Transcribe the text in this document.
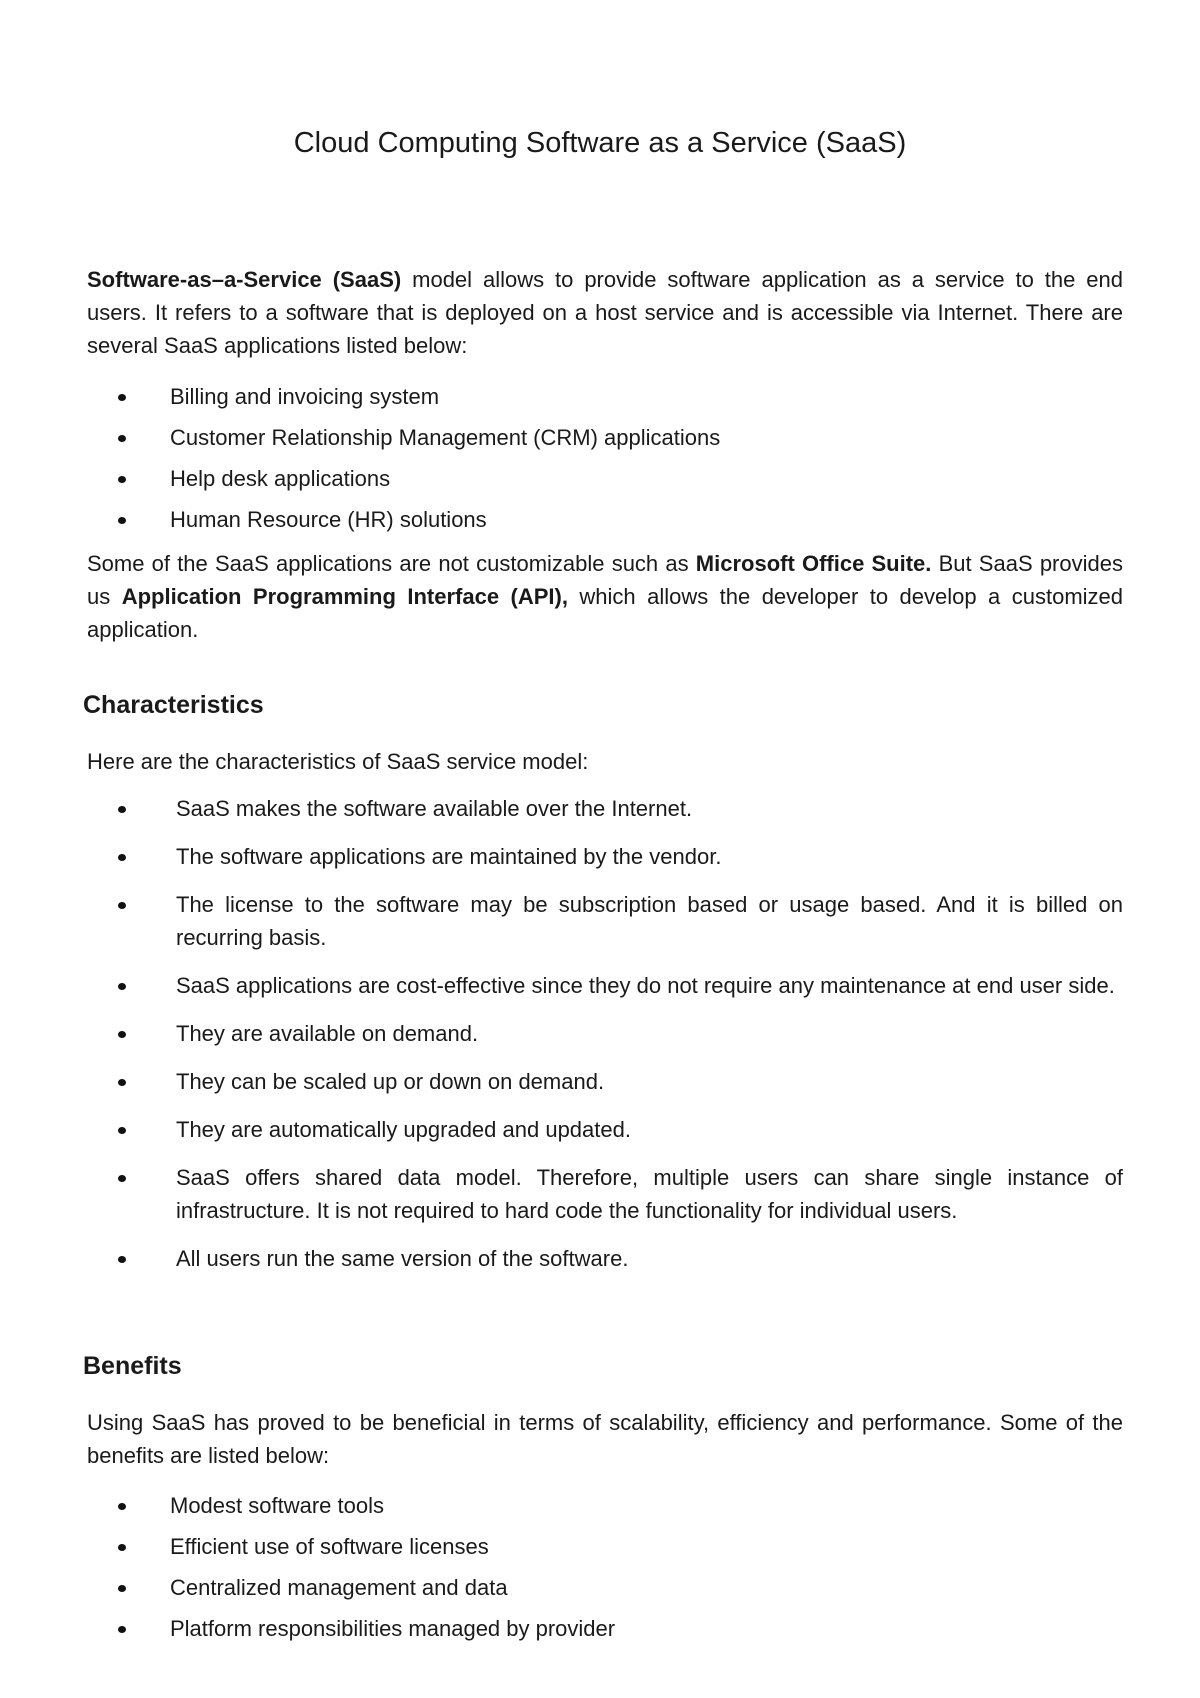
Cloud Computing Software as a Service (SaaS)

Software-as–a-Service (SaaS) model allows to provide software application as a service to the end users. It refers to a software that is deployed on a host service and is accessible via Internet. There are several SaaS applications listed below:

Billing and invoicing system
Customer Relationship Management (CRM) applications
Help desk applications
Human Resource (HR) solutions

Some of the SaaS applications are not customizable such as Microsoft Office Suite. But SaaS provides us Application Programming Interface (API), which allows the developer to develop a customized application.

Characteristics

Here are the characteristics of SaaS service model:

SaaS makes the software available over the Internet.
The software applications are maintained by the vendor.
The license to the software may be subscription based or usage based. And it is billed on recurring basis.
SaaS applications are cost-effective since they do not require any maintenance at end user side.
They are available on demand.
They can be scaled up or down on demand.
They are automatically upgraded and updated.
SaaS offers shared data model. Therefore, multiple users can share single instance of infrastructure. It is not required to hard code the functionality for individual users.
All users run the same version of the software.
Benefits

Using SaaS has proved to be beneficial in terms of scalability, efficiency and performance. Some of the benefits are listed below:

Modest software tools
Efficient use of software licenses
Centralized management and data
Platform responsibilities managed by provider
